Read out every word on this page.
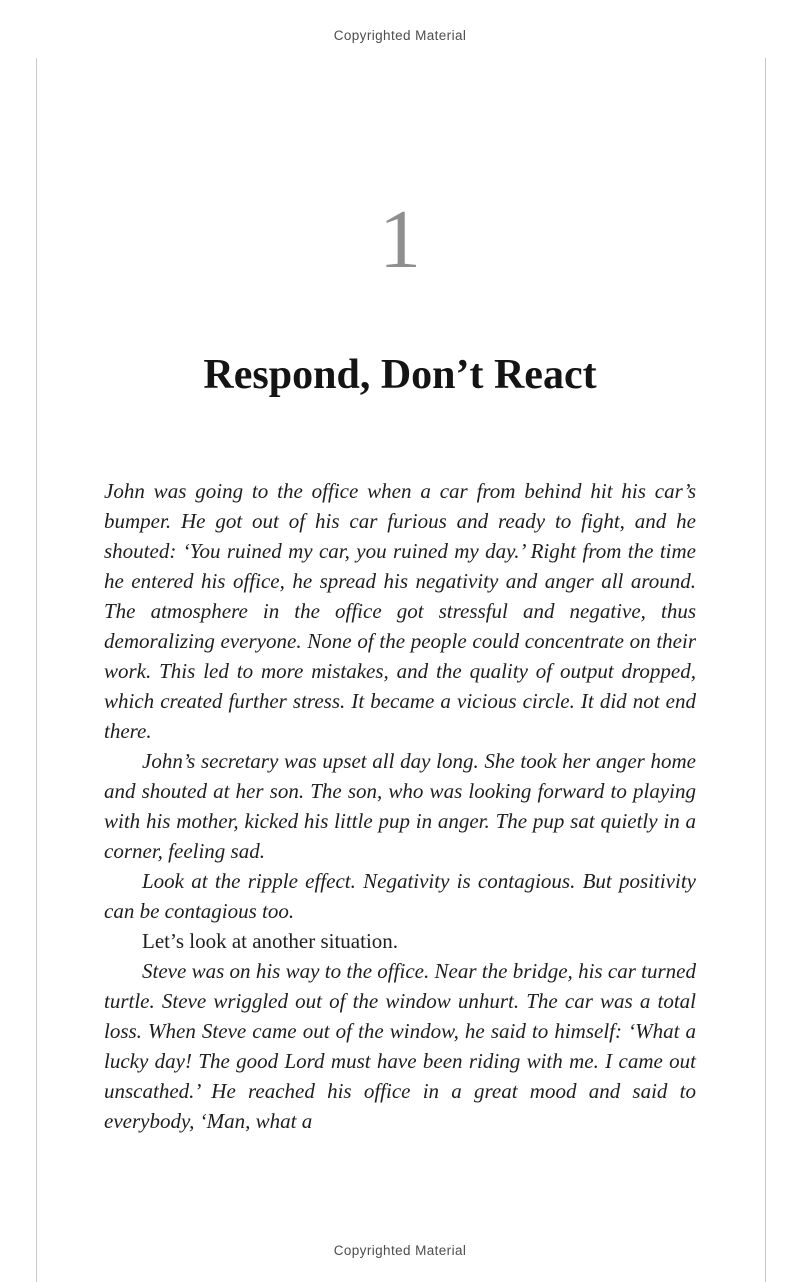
Copyrighted Material
1
Respond, Don’t React

John was going to the office when a car from behind hit his car’s bumper. He got out of his car furious and ready to fight, and he shouted: ‘You ruined my car, you ruined my day.’ Right from the time he entered his office, he spread his negativity and anger all around. The atmosphere in the office got stressful and negative, thus demoralizing everyone. None of the people could concentrate on their work. This led to more mistakes, and the quality of output dropped, which created further stress. It became a vicious circle. It did not end there.

John’s secretary was upset all day long. She took her anger home and shouted at her son. The son, who was looking forward to playing with his mother, kicked his little pup in anger. The pup sat quietly in a corner, feeling sad.

Look at the ripple effect. Negativity is contagious. But positivity can be contagious too.

Let’s look at another situation.

Steve was on his way to the office. Near the bridge, his car turned turtle. Steve wriggled out of the window unhurt. The car was a total loss. When Steve came out of the window, he said to himself: ‘What a lucky day! The good Lord must have been riding with me. I came out unscathed.’ He reached his office in a great mood and said to everybody, ‘Man, what a

Copyrighted Material
